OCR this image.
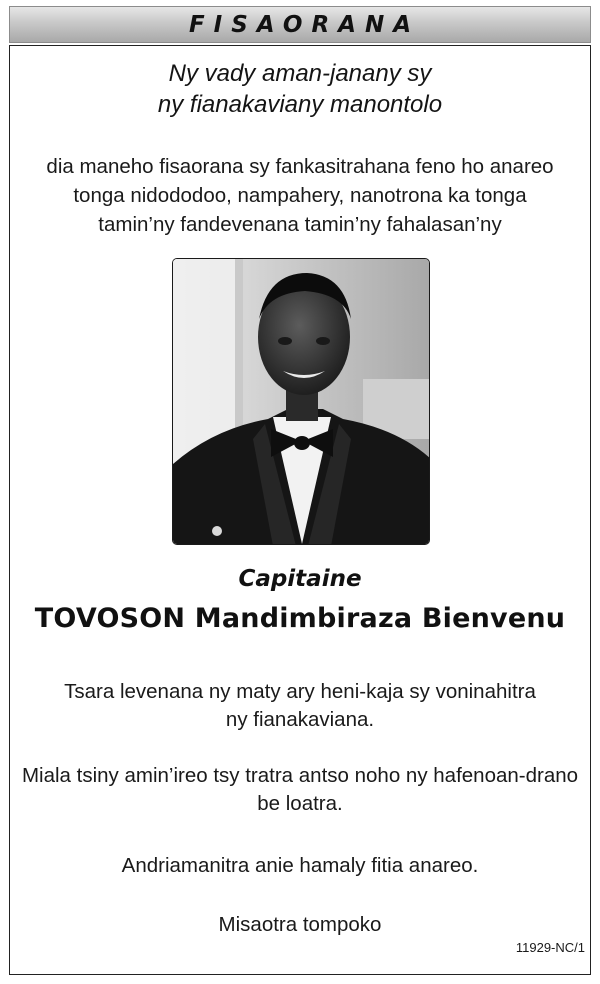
FISAORANA
Ny vady aman-janany sy
ny fianakaviany manontolo
dia maneho fisaorana sy fankasitrahana feno ho anareo
tonga nidododoo, nampahery, nanotrona ka tonga
tamin’ny fandevenana tamin’ny fahalasan’ny
Capitaine
TOVOSON Mandimbiraza Bienvenu
Tsara levenana ny maty ary heni-kaja sy voninahitra
ny fianakaviana.
Miala tsiny amin’ireo tsy tratra antso noho ny hafenoan-drano
be loatra.
Andriamanitra anie hamaly fitia anareo.
Misaotra tompoko
11929-NC/1
